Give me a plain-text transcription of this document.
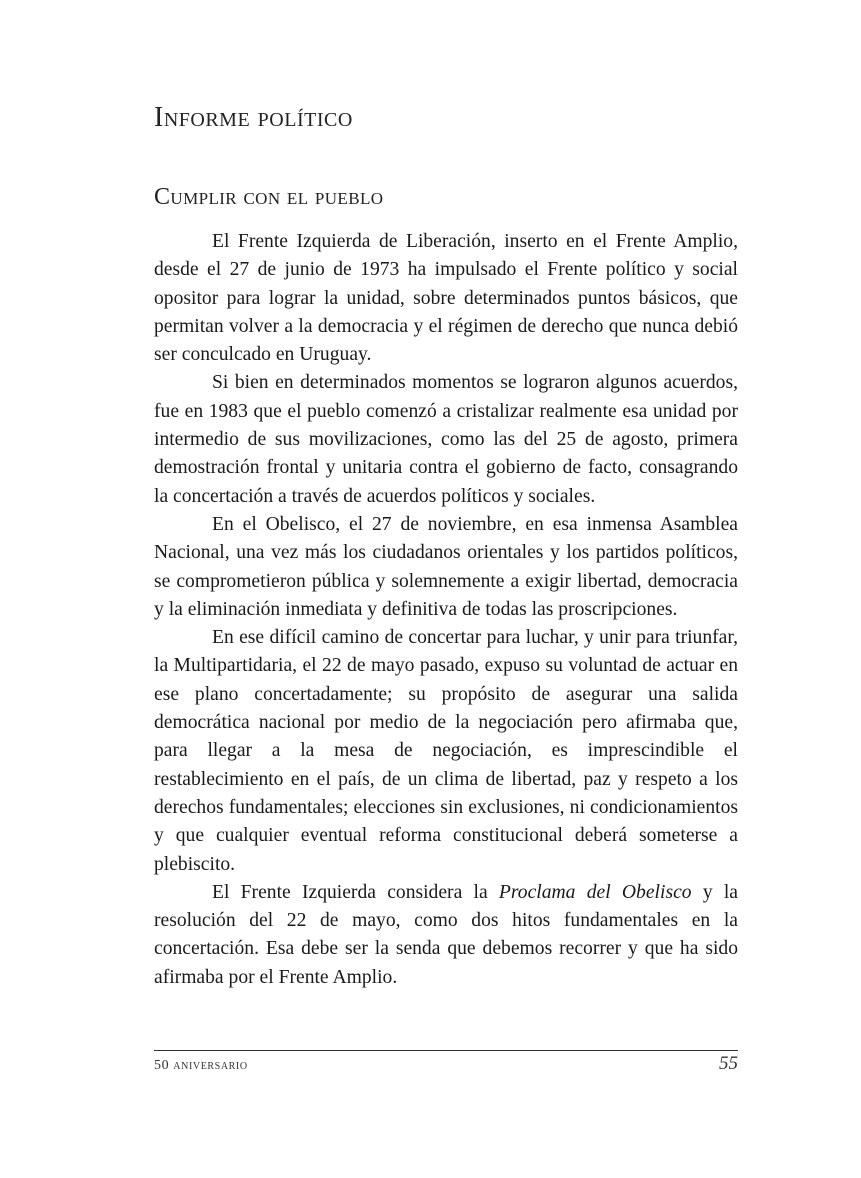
Informe político
Cumplir con el pueblo

El Frente Izquierda de Liberación, inserto en el Frente Amplio, desde el 27 de junio de 1973 ha impulsado el Frente político y social opositor para lograr la unidad, sobre determinados puntos básicos, que permitan volver a la democracia y el régimen de derecho que nunca debió ser conculcado en Uruguay.

Si bien en determinados momentos se lograron algunos acuerdos, fue en 1983 que el pueblo comenzó a cristalizar realmente esa unidad por intermedio de sus movilizaciones, como las del 25 de agosto, primera demostración frontal y unitaria contra el gobierno de facto, consagrando la concertación a través de acuerdos políticos y sociales.

En el Obelisco, el 27 de noviembre, en esa inmensa Asamblea Nacional, una vez más los ciudadanos orientales y los partidos políticos, se comprometieron pública y solemnemente a exigir libertad, democracia y la eliminación inmediata y definitiva de todas las proscripciones.

En ese difícil camino de concertar para luchar, y unir para triunfar, la Multipartidaria, el 22 de mayo pasado, expuso su voluntad de actuar en ese plano concertadamente; su propósito de asegurar una salida democrática nacional por medio de la negociación pero afirmaba que, para llegar a la mesa de negociación, es imprescindible el restablecimiento en el país, de un clima de libertad, paz y respeto a los derechos fundamentales; elecciones sin exclusiones, ni condicionamientos y que cualquier eventual reforma constitucional deberá someterse a plebiscito.

El Frente Izquierda considera la Proclama del Obelisco y la resolución del 22 de mayo, como dos hitos fundamentales en la concertación. Esa debe ser la senda que debemos recorrer y que ha sido afirmaba por el Frente Amplio.

50 aniversario	55
